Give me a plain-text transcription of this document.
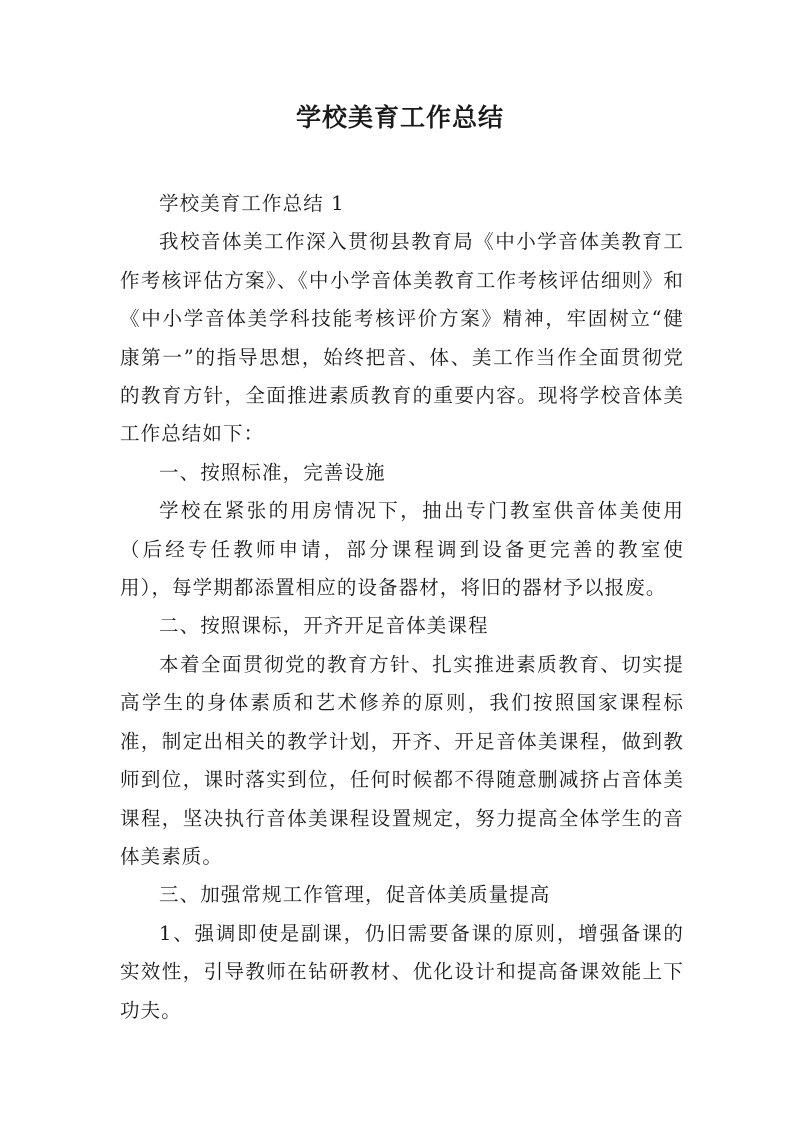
学校美育工作总结

学校美育工作总结 1

我校音体美工作深入贯彻县教育局《中小学音体美教育工作考核评估方案》、《中小学音体美教育工作考核评估细则》和《中小学音体美学科技能考核评价方案》精神，牢固树立“健康第一”的指导思想，始终把音、体、美工作当作全面贯彻党的教育方针，全面推进素质教育的重要内容。现将学校音体美工作总结如下：

一、按照标准，完善设施

学校在紧张的用房情况下，抽出专门教室供音体美使用（后经专任教师申请，部分课程调到设备更完善的教室使用），每学期都添置相应的设备器材，将旧的器材予以报废。

二、按照课标，开齐开足音体美课程

本着全面贯彻党的教育方针、扎实推进素质教育、切实提高学生的身体素质和艺术修养的原则，我们按照国家课程标准，制定出相关的教学计划，开齐、开足音体美课程，做到教师到位，课时落实到位，任何时候都不得随意删减挤占音体美课程，坚决执行音体美课程设置规定，努力提高全体学生的音体美素质。

三、加强常规工作管理，促音体美质量提高

1、强调即使是副课，仍旧需要备课的原则，增强备课的实效性，引导教师在钻研教材、优化设计和提高备课效能上下功夫。
